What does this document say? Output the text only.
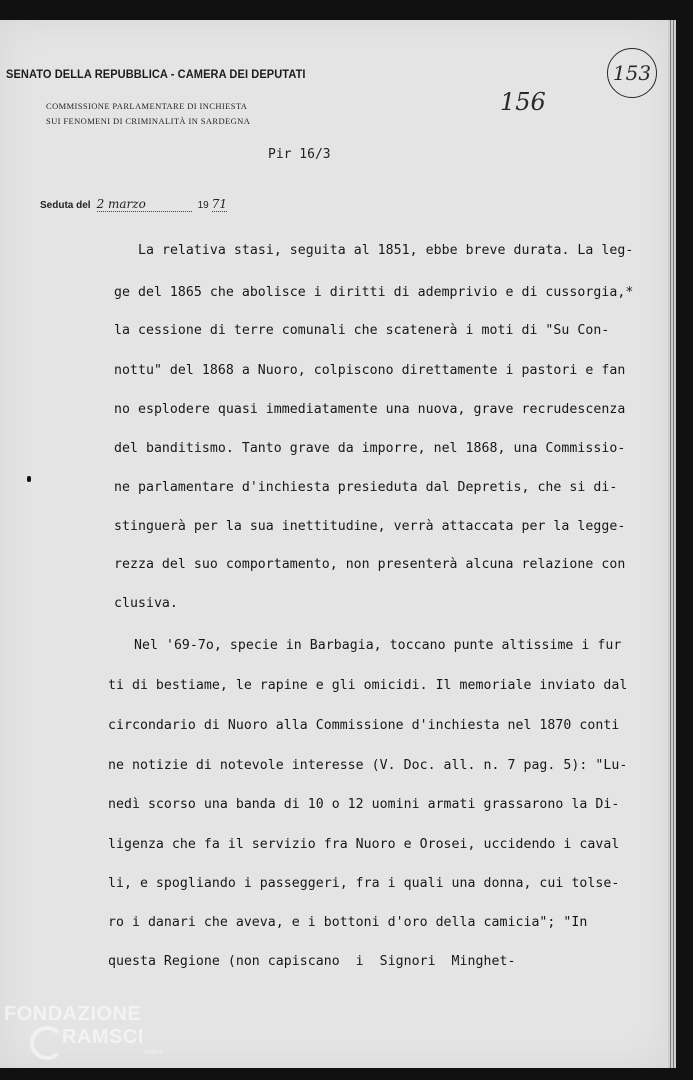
SENATO DELLA REPUBBLICA - CAMERA DEI DEPUTATI
COMMISSIONE PARLAMENTARE DI INCHIESTA
SUI FENOMENI DI CRIMINALITÀ IN SARDEGNA
156
153
Pir 16/3
Seduta del 2 marzo	19 71
La relativa stasi, seguita al 1851, ebbe breve durata. La leg-
ge del 1865 che abolisce i diritti di ademprivio e di cussorgia,*
la cessione di terre comunali che scatenerà i moti di "Su Con-
nottu" del 1868 a Nuoro, colpiscono direttamente i pastori e fan
no esplodere quasi immediatamente una nuova, grave recrudescenza
del banditismo. Tanto grave da imporre, nel 1868, una Commissio-
ne parlamentare d'inchiesta presieduta dal Depretis, che si di-
stinguerà per la sua inettitudine, verrà attaccata per la legge-
rezza del suo comportamento, non presenterà alcuna relazione con
clusiva.
Nel '69-7o, specie in Barbagia, toccano punte altissime i fur
ti di bestiame, le rapine e gli omicidi. Il memoriale inviato dal
circondario di Nuoro alla Commissione d'inchiesta nel 1870 conti
ne notizie di notevole interesse (V. Doc. all. n. 7 pag. 5): "Lu-
nedì scorso una banda di 10 o 12 uomini armati grassarono la Di-
ligenza che fa il servizio fra Nuoro e Orosei, uccidendo i caval
li, e spogliando i passeggeri, fra i quali una donna, cui tolse-
ro i danari che aveva, e i bottoni d'oro della camicia"; "In
questa Regione (non capiscano  i  Signori  Minghet-
FONDAZIONE
RAMSCI
onlus
